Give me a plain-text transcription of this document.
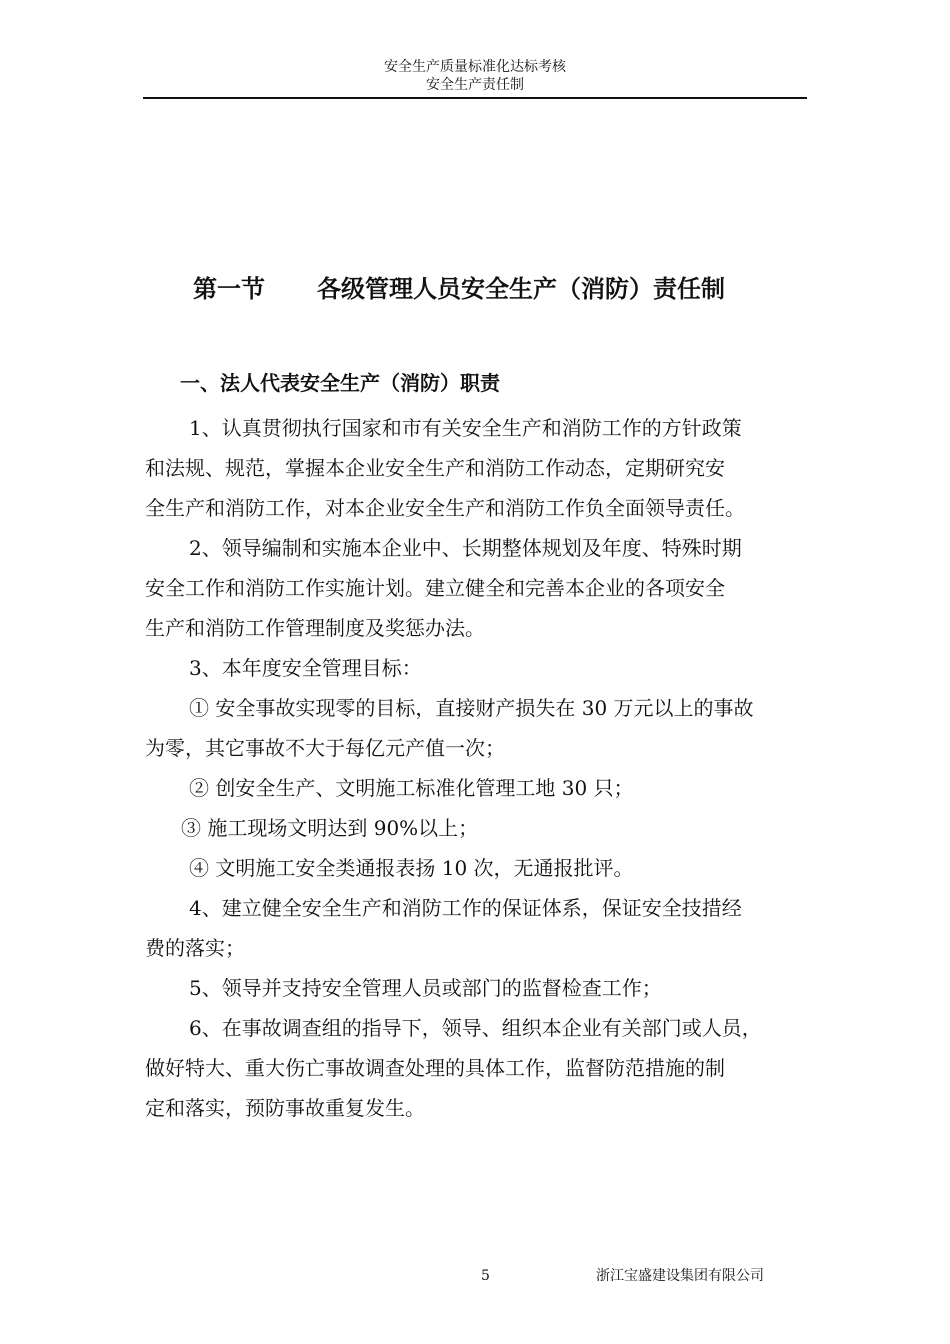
安全生产质量标准化达标考核
安全生产责任制
第一节 各级管理人员安全生产（消防）责任制
一、法人代表安全生产（消防）职责
1、认真贯彻执行国家和市有关安全生产和消防工作的方针政策
和法规、规范，掌握本企业安全生产和消防工作动态，定期研究安
全生产和消防工作，对本企业安全生产和消防工作负全面领导责任。
2、领导编制和实施本企业中、长期整体规划及年度、特殊时期
安全工作和消防工作实施计划。建立健全和完善本企业的各项安全
生产和消防工作管理制度及奖惩办法。
3、本年度安全管理目标：
① 安全事故实现零的目标，直接财产损失在 30 万元以上的事故
为零，其它事故不大于每亿元产值一次；
② 创安全生产、文明施工标准化管理工地 30 只；
③ 施工现场文明达到 90%以上；
④ 文明施工安全类通报表扬 10 次，无通报批评。
4、建立健全安全生产和消防工作的保证体系，保证安全技措经
费的落实；
5、领导并支持安全管理人员或部门的监督检查工作；
6、在事故调查组的指导下，领导、组织本企业有关部门或人员，
做好特大、重大伤亡事故调查处理的具体工作，监督防范措施的制
定和落实，预防事故重复发生。
5	浙江宝盛建设集团有限公司
